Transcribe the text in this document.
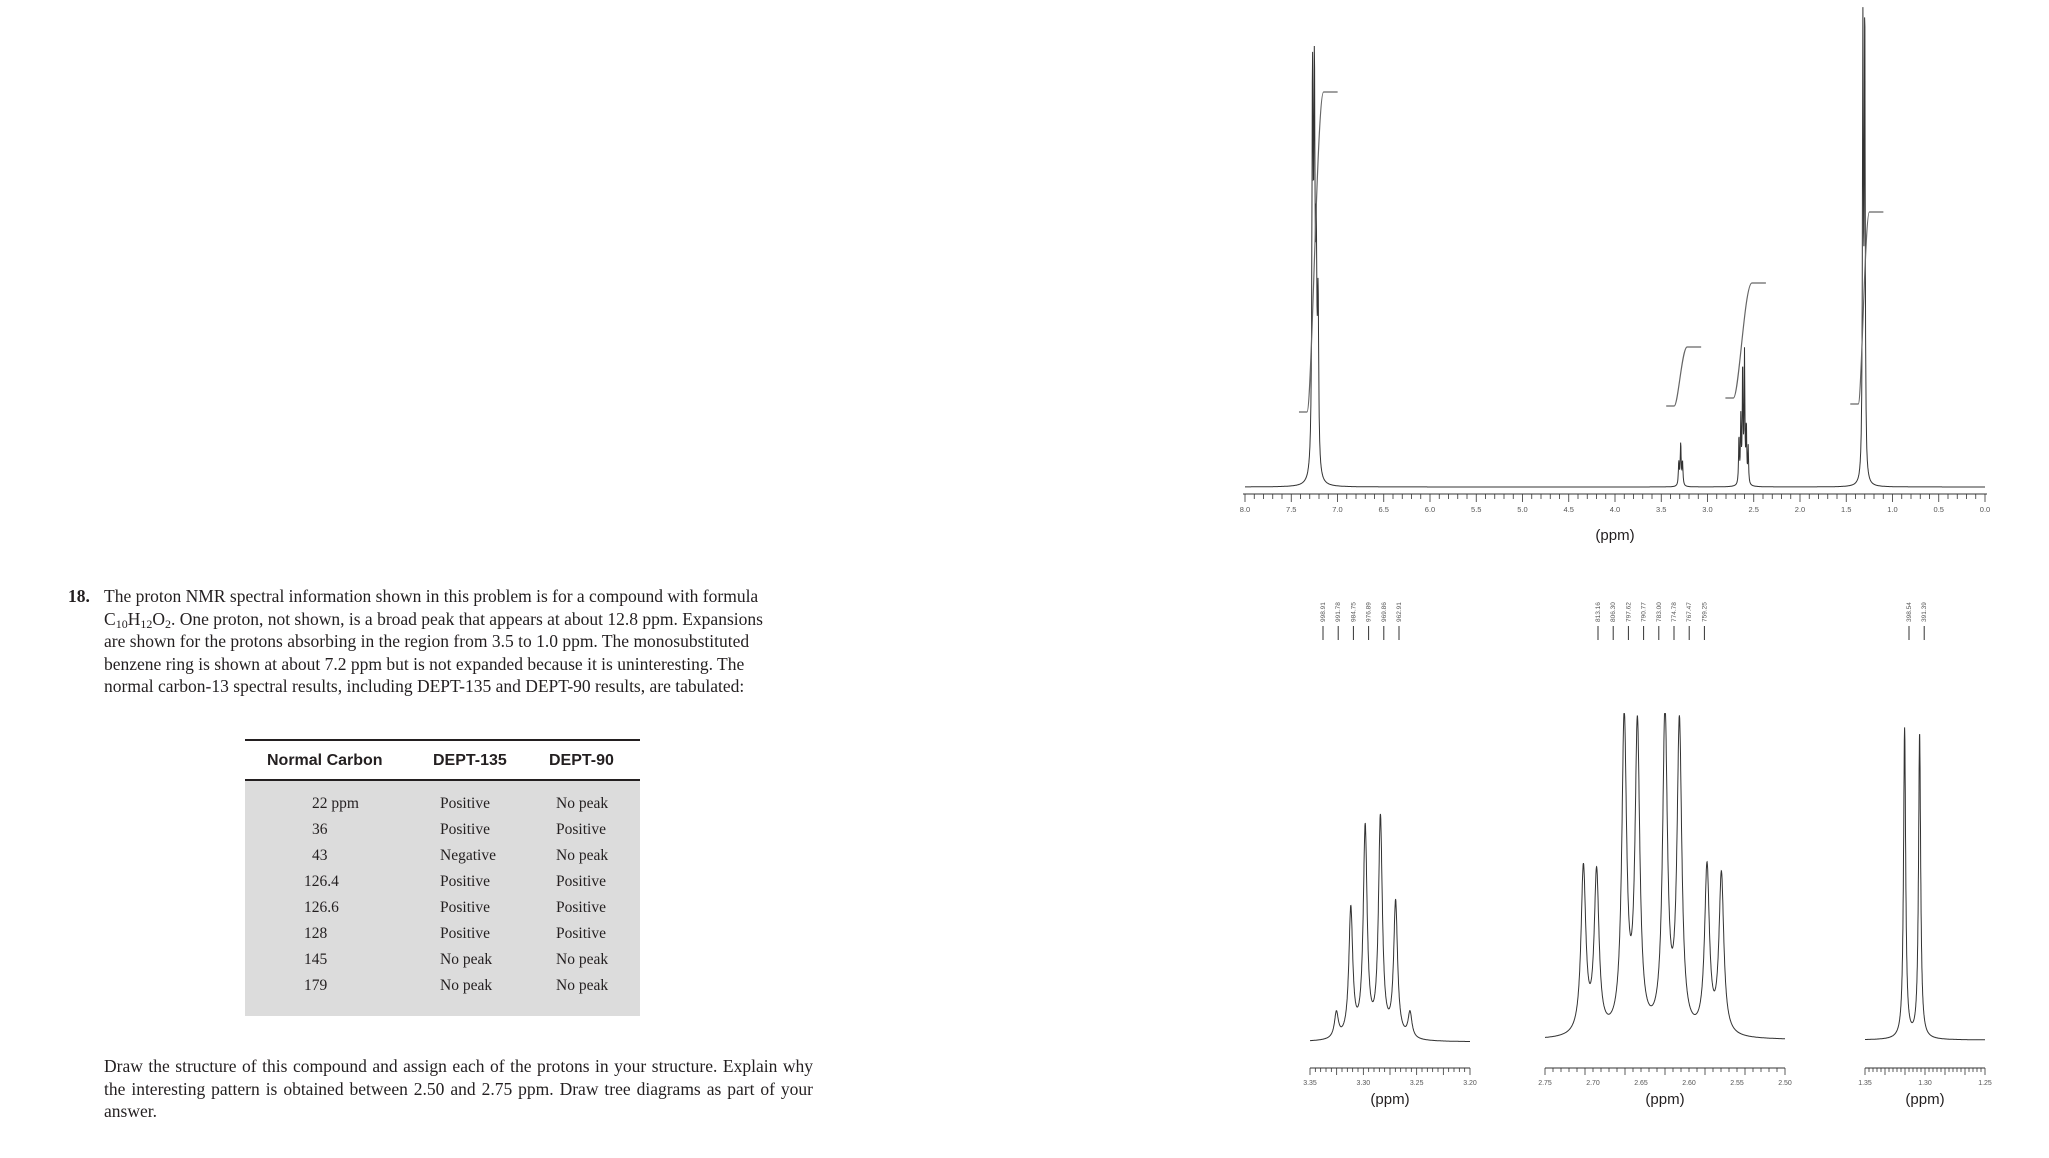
18. The proton NMR spectral information shown in this problem is for a compound with formula
$C_{10}H_{12}O_2$. One proton, not shown, is a broad peak that appears at about 12.8 ppm. Expansions
are shown for the protons absorbing in the region from 3.5 to 1.0 ppm. The monosubstituted
benzene ring is shown at about 7.2 ppm but is not expanded because it is uninteresting. The
normal carbon-13 spectral results, including DEPT-135 and DEPT-90 results, are tabulated:
Normal Carbon	DEPT-135	DEPT-90
22 ppm	Positive	No peak
36	Positive	Positive
43	Negative	No peak
126.4	Positive	Positive
126.6	Positive	Positive
128	Positive	Positive
145	No peak	No peak
179	No peak	No peak
Draw the structure of this compound and assign each of the protons in your structure. Explain why the interesting pattern is obtained between 2.50 and 2.75 ppm. Draw tree diagrams as part of your answer.
8.0	7.5	7.0	6.5	6.0	5.5	5.0	4.5	4.0	3.5	3.0	2.5	2.0	1.5	1.0	0.5	0.0
(ppm)
998.91 991.78 984.75 976.89 969.86 962.91	813.16 806.30 797.62 790.77 783.00 774.78 767.47 759.25	398.54 391.39
3.35	3.30	3.25	3.20
(ppm)
2.75	2.70	2.65	2.60	2.55	2.50
(ppm)
1.35	1.30	1.25
(ppm)
